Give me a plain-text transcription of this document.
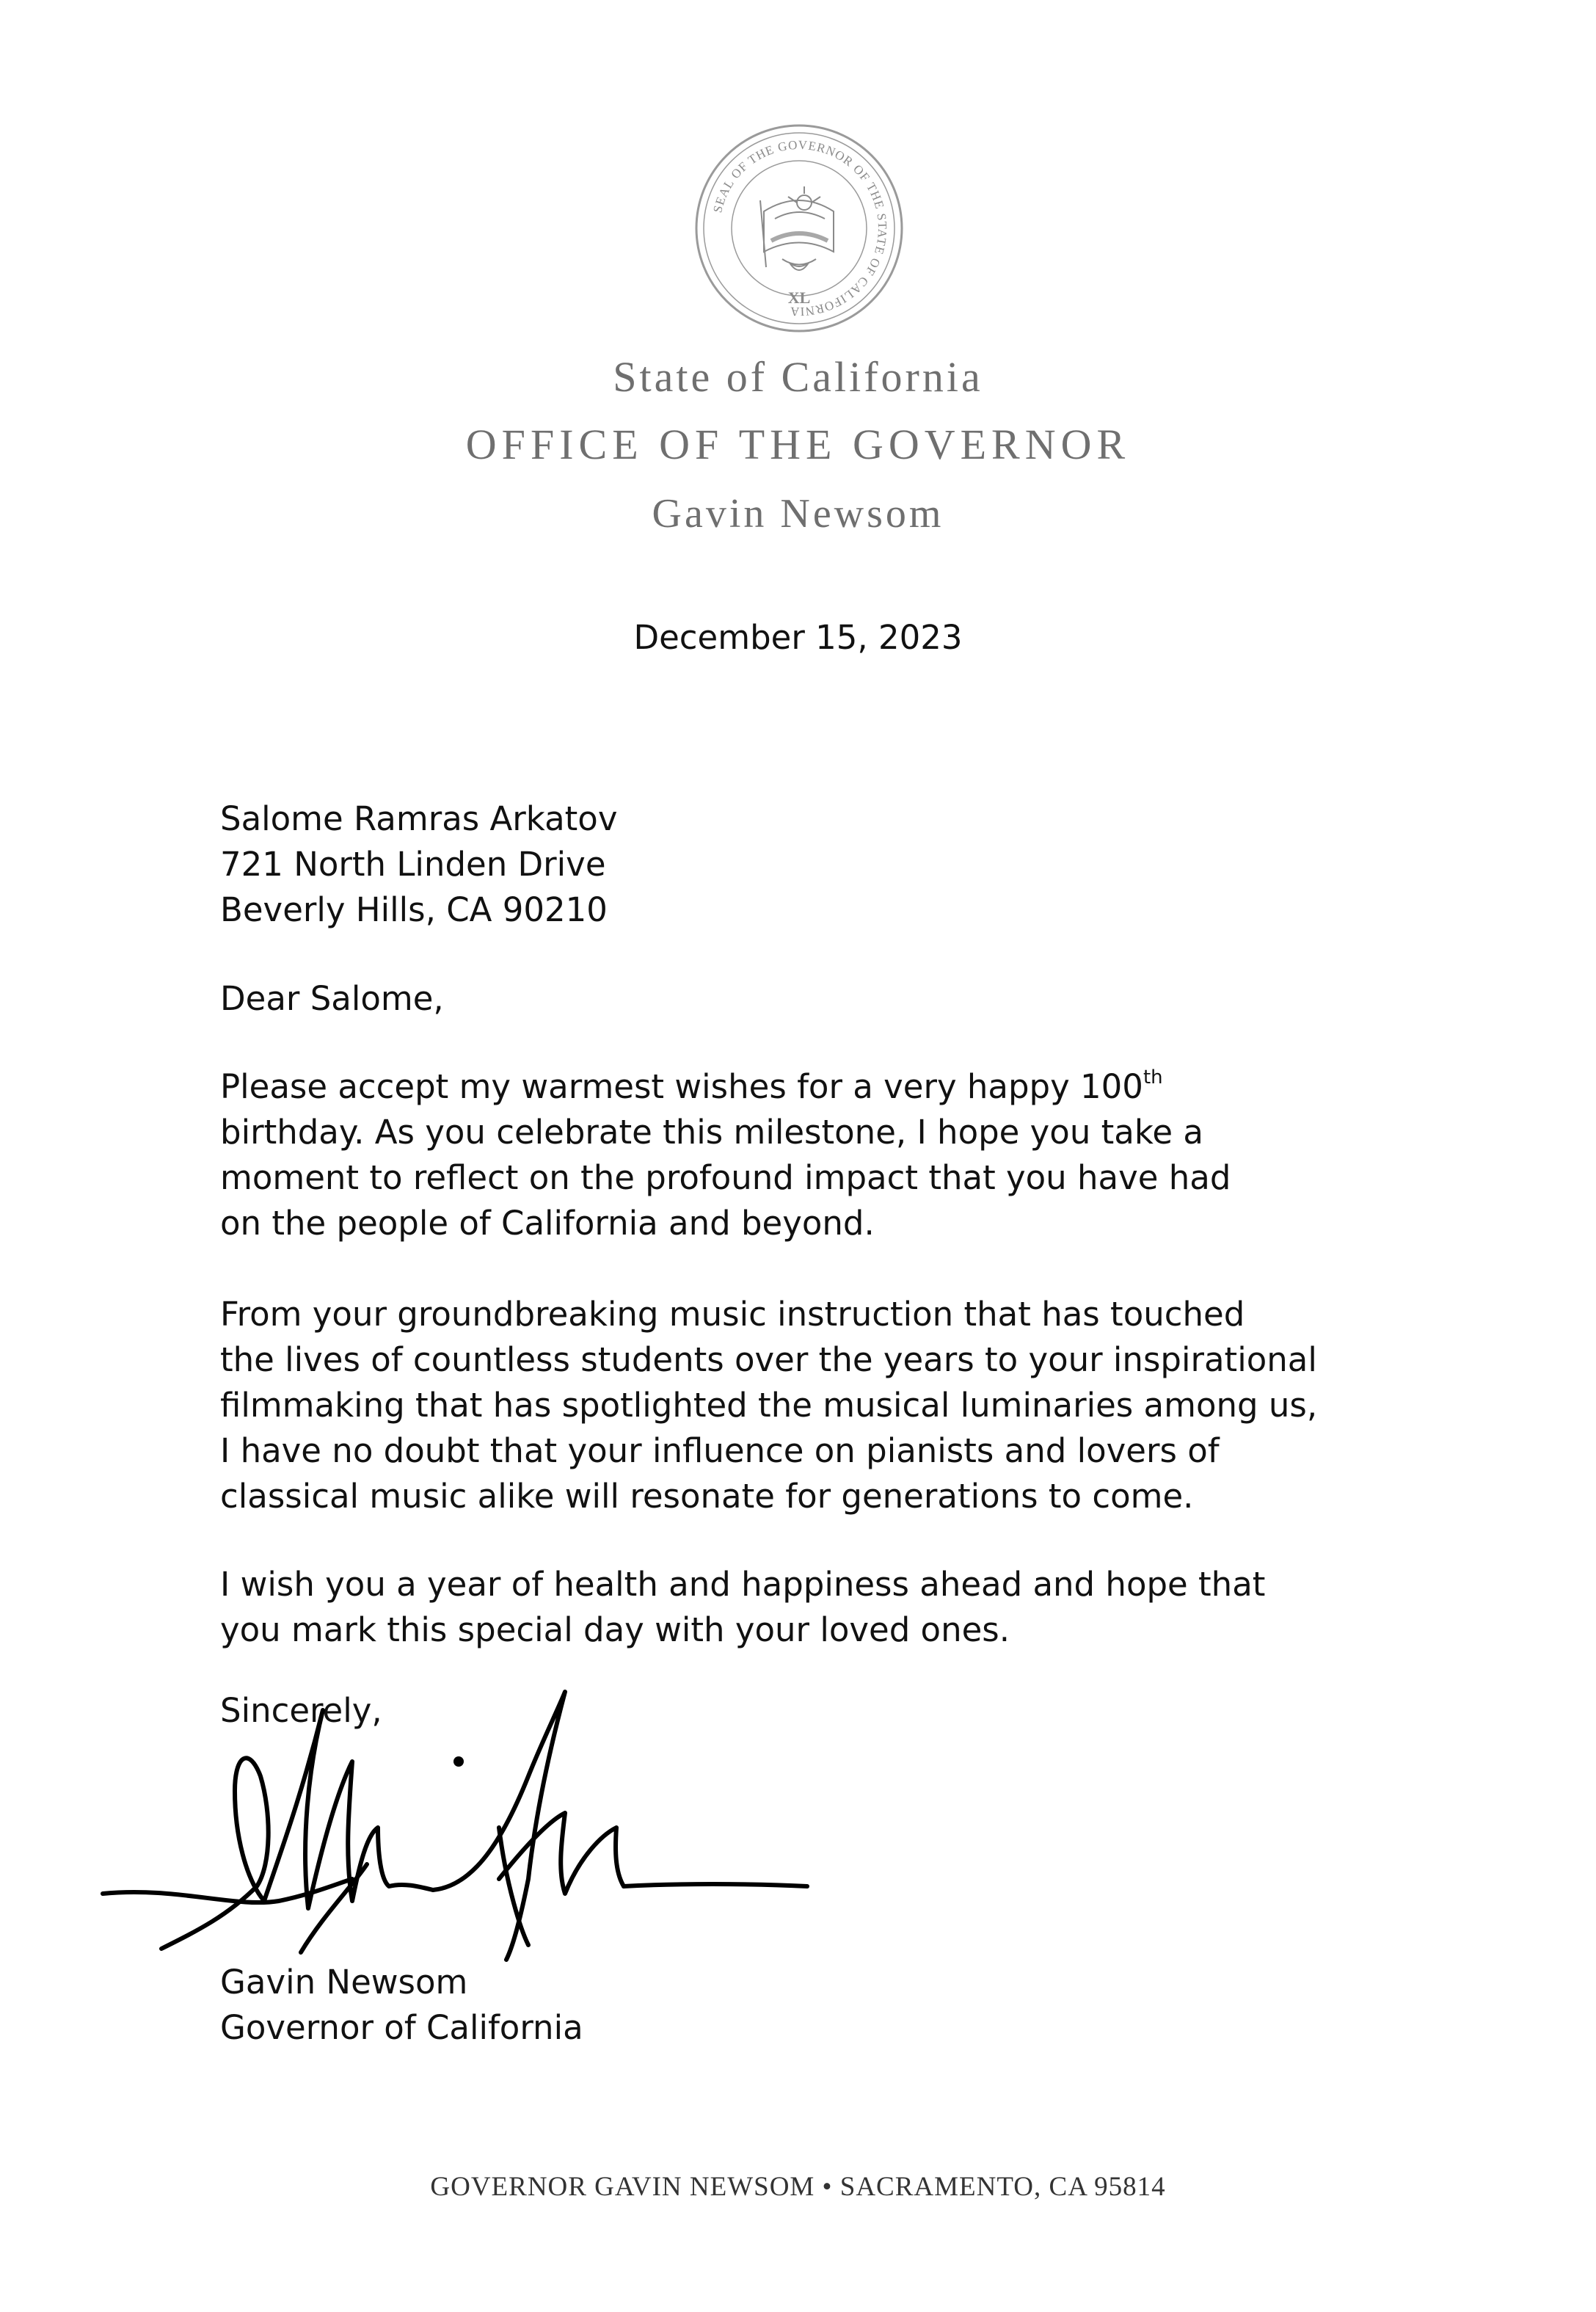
SEAL OF THE GOVERNOR OF THE STATE OF CALIFORNIA
XL
State of California
OFFICE OF THE GOVERNOR
Gavin Newsom
December 15, 2023
Salome Ramras Arkatov
721 North Linden Drive
Beverly Hills, CA 90210
Dear Salome,
Please accept my warmest wishes for a very happy 100th
birthday. As you celebrate this milestone, I hope you take a
moment to reflect on the profound impact that you have had
on the people of California and beyond.
From your groundbreaking music instruction that has touched
the lives of countless students over the years to your inspirational
filmmaking that has spotlighted the musical luminaries among us,
I have no doubt that your influence on pianists and lovers of
classical music alike will resonate for generations to come.
I wish you a year of health and happiness ahead and hope that
you mark this special day with your loved ones.
Sincerely,
Gavin Newsom
Governor of California
GOVERNOR GAVIN NEWSOM • SACRAMENTO, CA 95814
